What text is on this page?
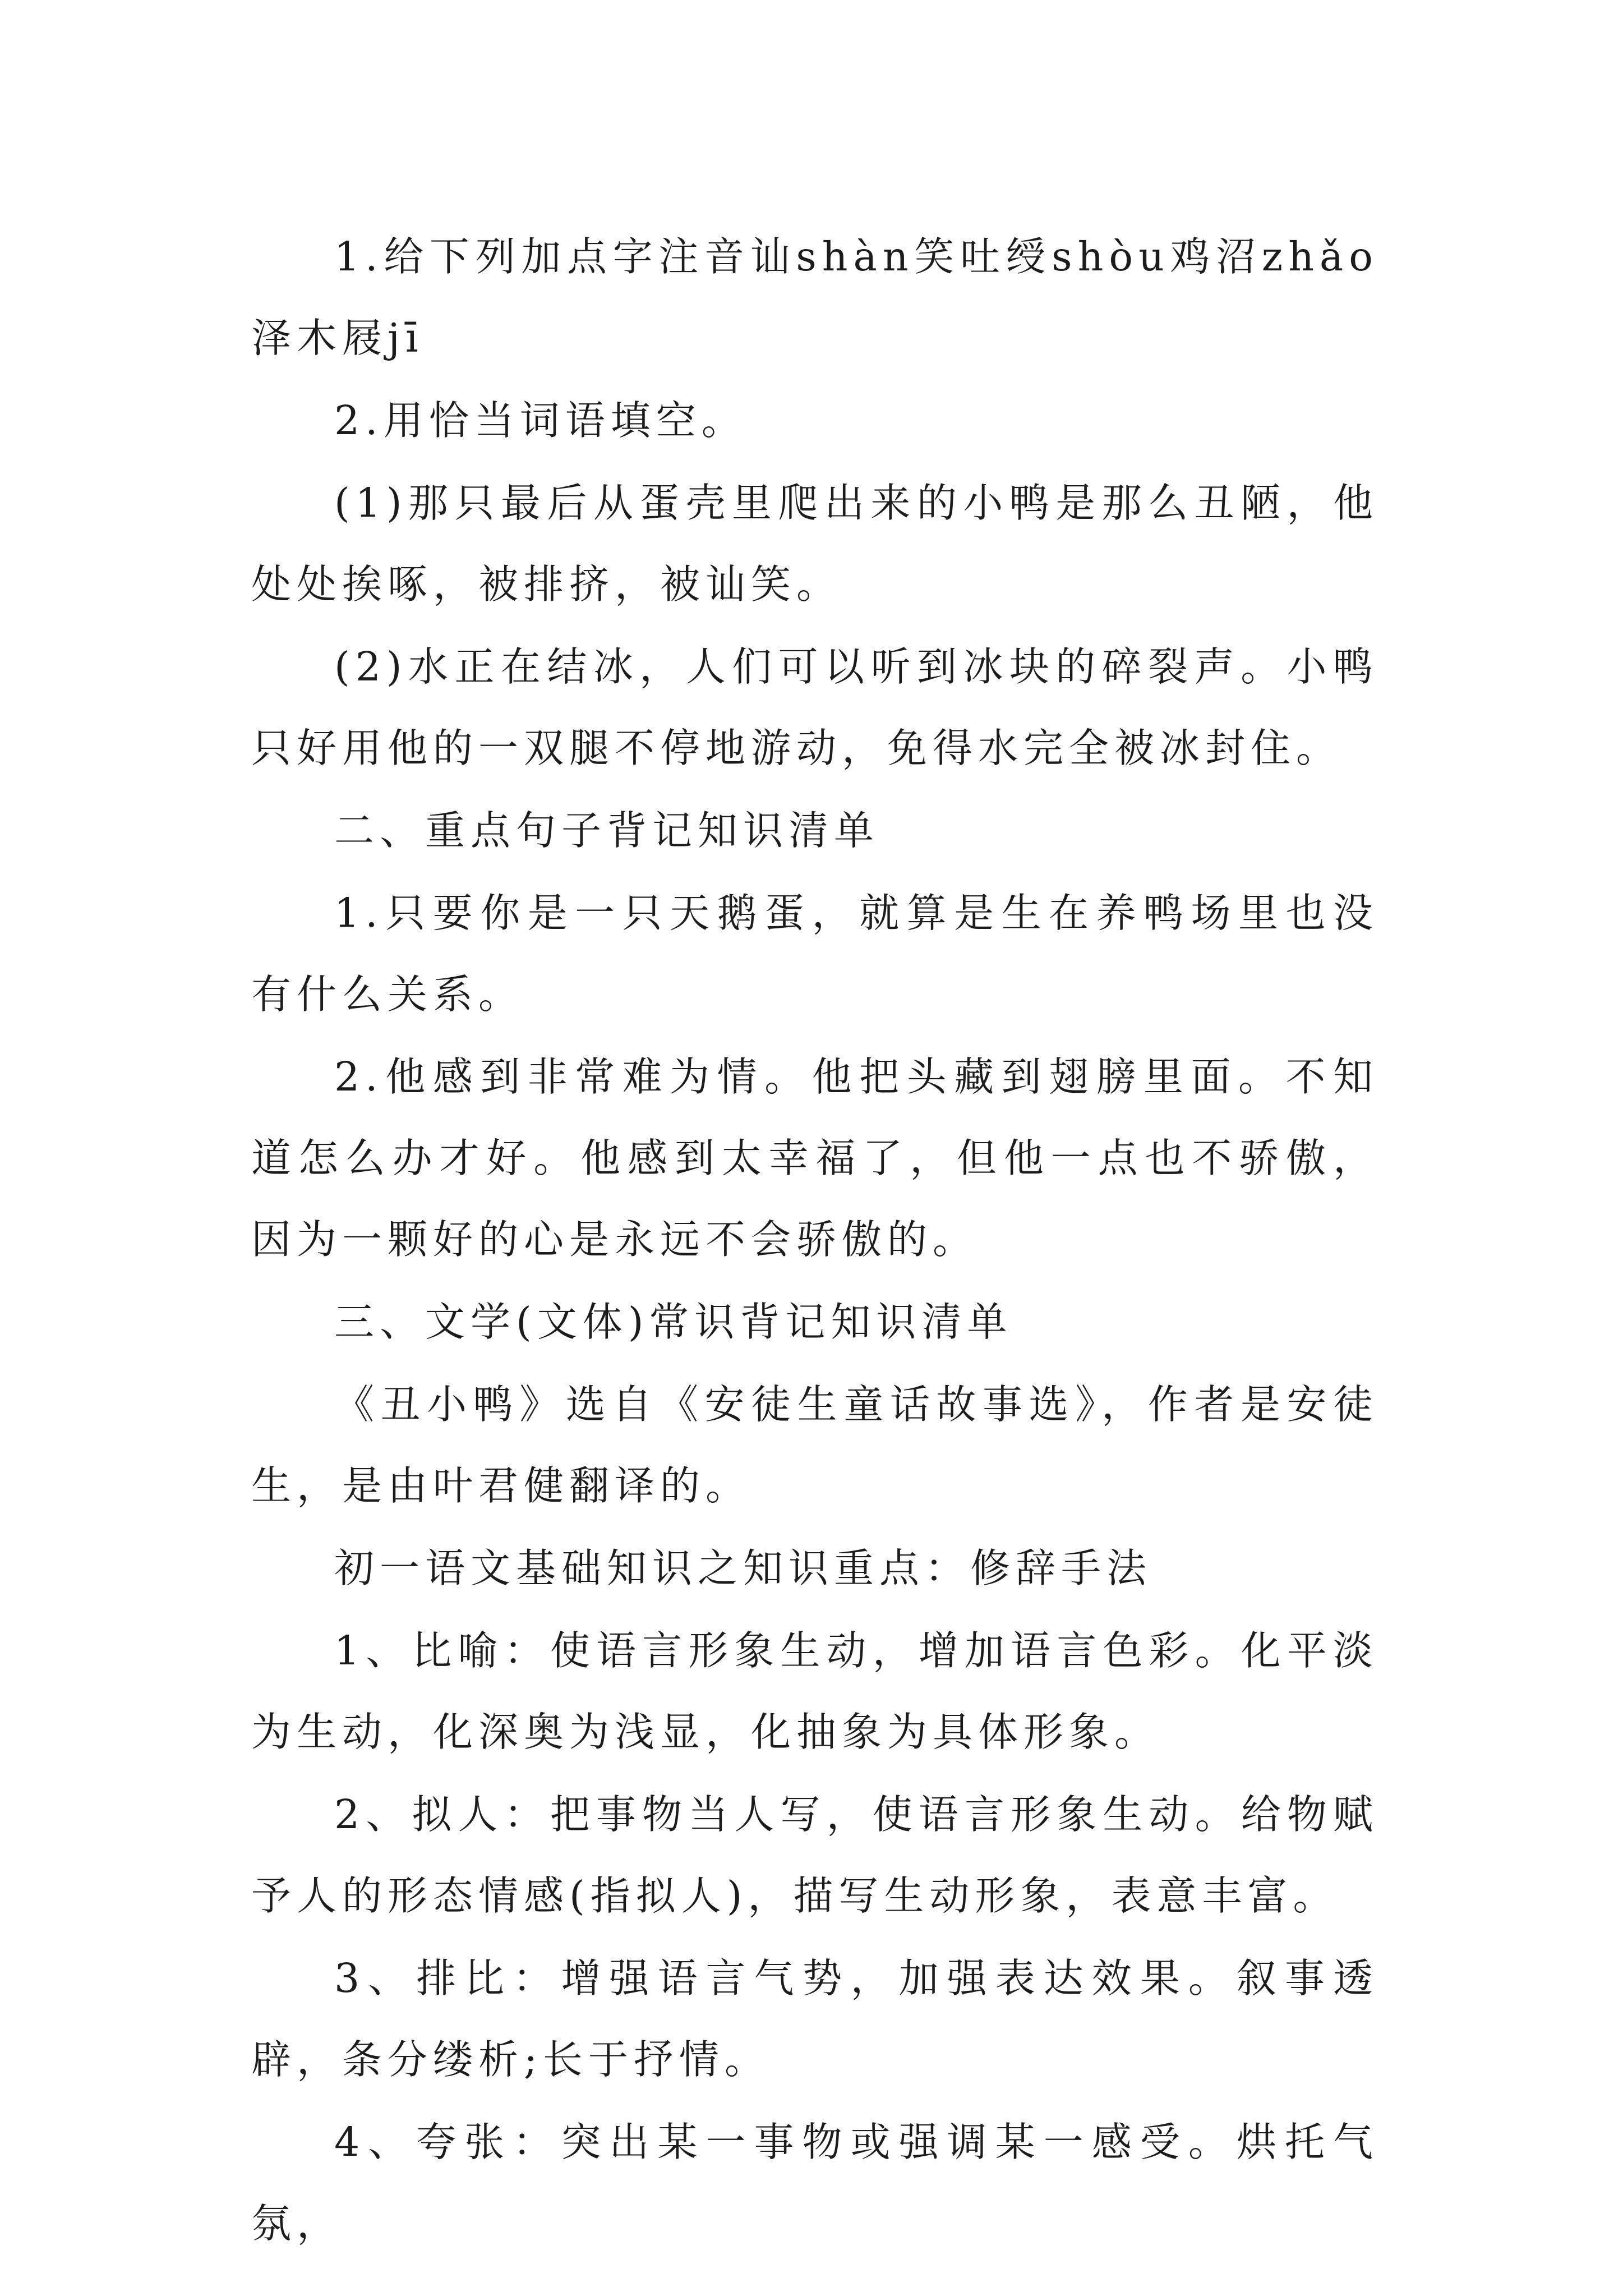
1.给下列加点字注音讪shàn笑吐绶shòu鸡沼zhǎo泽木屐jī

2.用恰当词语填空。

(1)那只最后从蛋壳里爬出来的小鸭是那么丑陋，他处处挨啄，被排挤，被讪笑。

(2)水正在结冰，人们可以听到冰块的碎裂声。小鸭只好用他的一双腿不停地游动，免得水完全被冰封住。

二、重点句子背记知识清单

1.只要你是一只天鹅蛋，就算是生在养鸭场里也没有什么关系。

2.他感到非常难为情。他把头藏到翅膀里面。不知道怎么办才好。他感到太幸福了，但他一点也不骄傲，因为一颗好的心是永远不会骄傲的。

三、文学(文体)常识背记知识清单

《丑小鸭》选自《安徒生童话故事选》，作者是安徒生，是由叶君健翻译的。

初一语文基础知识之知识重点：修辞手法

1、比喻：使语言形象生动，增加语言色彩。化平淡为生动，化深奥为浅显，化抽象为具体形象。

2、拟人：把事物当人写，使语言形象生动。给物赋予人的形态情感(指拟人)，描写生动形象，表意丰富。

3、排比：增强语言气势，加强表达效果。叙事透辟，条分缕析;长于抒情。

4、夸张：突出某一事物或强调某一感受。烘托气氛，
